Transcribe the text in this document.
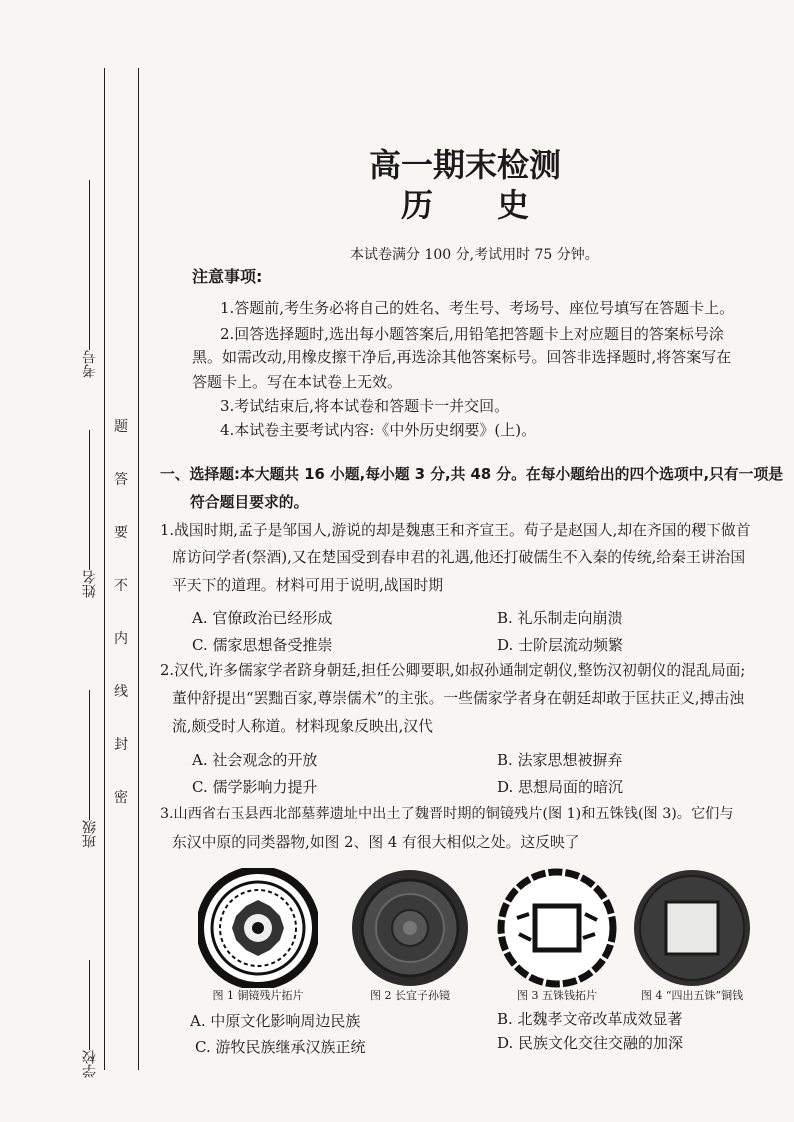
考号
姓名
班级
学校
题
答
要
不
内
线
封
密
高一期末检测
历　　史
本试卷满分 100 分,考试用时 75 分钟。
注意事项:
1.答题前,考生务必将自己的姓名、考生号、考场号、座位号填写在答题卡上。
2.回答选择题时,选出每小题答案后,用铅笔把答题卡上对应题目的答案标号涂
黑。如需改动,用橡皮擦干净后,再选涂其他答案标号。回答非选择题时,将答案写在
答题卡上。写在本试卷上无效。
3.考试结束后,将本试卷和答题卡一并交回。
4.本试卷主要考试内容:《中外历史纲要》(上)。
一、选择题:本大题共 16 小题,每小题 3 分,共 48 分。在每小题给出的四个选项中,只有一项是
符合题目要求的。
1.战国时期,孟子是邹国人,游说的却是魏惠王和齐宣王。荀子是赵国人,却在齐国的稷下做首
席访问学者(祭酒),又在楚国受到春申君的礼遇,他还打破儒生不入秦的传统,给秦王讲治国
平天下的道理。材料可用于说明,战国时期
A. 官僚政治已经形成	B. 礼乐制走向崩溃
C. 儒家思想备受推崇	D. 士阶层流动频繁
2.汉代,许多儒家学者跻身朝廷,担任公卿要职,如叔孙通制定朝仪,整饬汉初朝仪的混乱局面;
董仲舒提出“罢黜百家,尊崇儒术”的主张。一些儒家学者身在朝廷却敢于匡扶正义,搏击浊
流,颇受时人称道。材料现象反映出,汉代
A. 社会观念的开放	B. 法家思想被摒弃
C. 儒学影响力提升	D. 思想局面的暗沉
3.山西省右玉县西北部墓葬遗址中出土了魏晋时期的铜镜残片(图 1)和五铢钱(图 3)。它们与
东汉中原的同类器物,如图 2、图 4 有很大相似之处。这反映了
图 1 铜镜残片拓片	图 2 长宜子孙镜	图 3 五铢钱拓片	图 4 “四出五铢”铜钱
A. 中原文化影响周边民族	B. 北魏孝文帝改革成效显著
C. 游牧民族继承汉族正统	D. 民族文化交往交融的加深
